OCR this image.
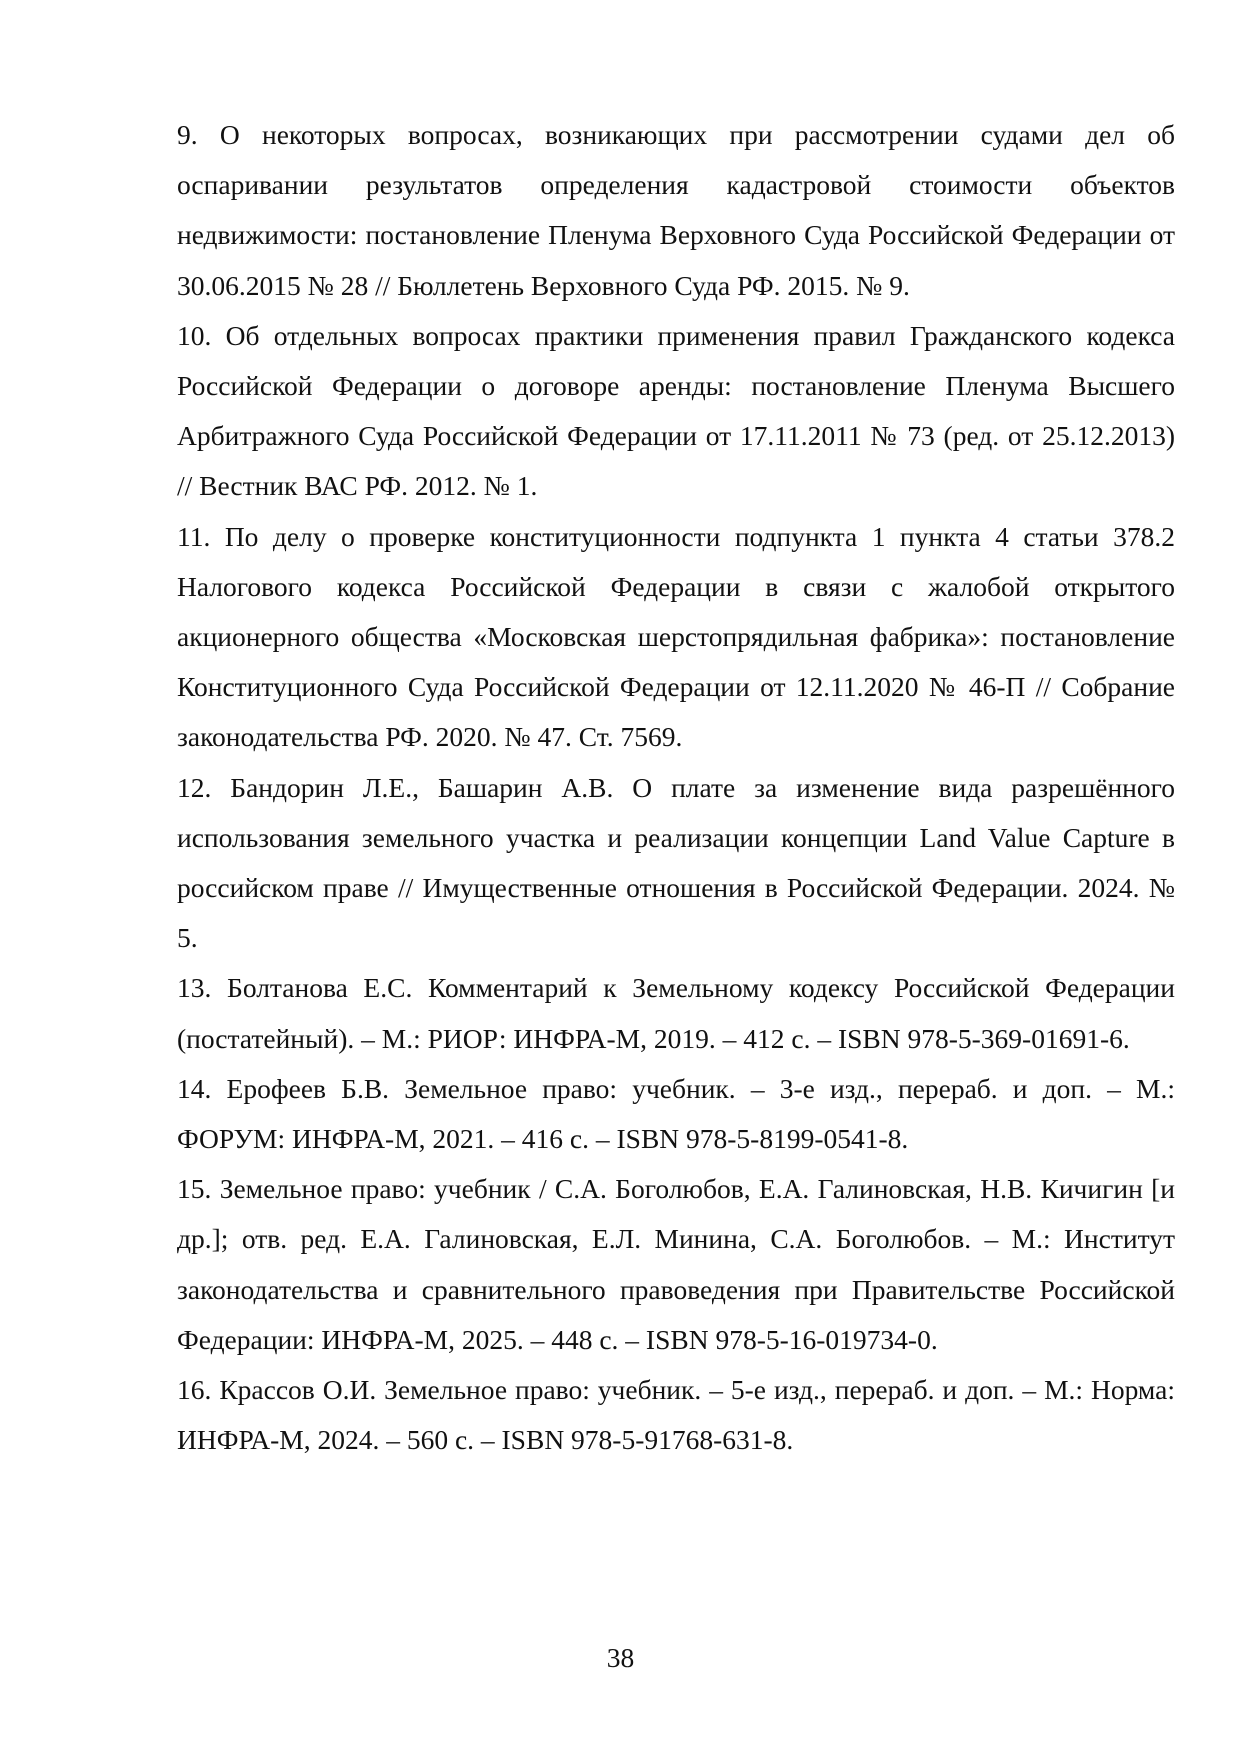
9. О некоторых вопросах, возникающих при рассмотрении судами дел об оспаривании результатов определения кадастровой стоимости объектов недвижимости: постановление Пленума Верховного Суда Российской Федерации от 30.06.2015 № 28 // Бюллетень Верховного Суда РФ. 2015. № 9.
10. Об отдельных вопросах практики применения правил Гражданского кодекса Российской Федерации о договоре аренды: постановление Пленума Высшего Арбитражного Суда Российской Федерации от 17.11.2011 № 73 (ред. от 25.12.2013) // Вестник ВАС РФ. 2012. № 1.
11. По делу о проверке конституционности подпункта 1 пункта 4 статьи 378.2 Налогового кодекса Российской Федерации в связи с жалобой открытого акционерного общества «Московская шерстопрядильная фабрика»: постановление Конституционного Суда Российской Федерации от 12.11.2020 № 46-П // Собрание законодательства РФ. 2020. № 47. Ст. 7569.
12. Бандорин Л.Е., Башарин А.В. О плате за изменение вида разрешённого использования земельного участка и реализации концепции Land Value Capture в российском праве // Имущественные отношения в Российской Федерации. 2024. № 5.
13. Болтанова Е.С. Комментарий к Земельному кодексу Российской Федерации (постатейный). – М.: РИОР: ИНФРА-М, 2019. – 412 с. – ISBN 978-5-369-01691-6.
14. Ерофеев Б.В. Земельное право: учебник. – 3-е изд., перераб. и доп. – М.: ФОРУМ: ИНФРА-М, 2021. – 416 с. – ISBN 978-5-8199-0541-8.
15. Земельное право: учебник / С.А. Боголюбов, Е.А. Галиновская, Н.В. Кичигин [и др.]; отв. ред. Е.А. Галиновская, Е.Л. Минина, С.А. Боголюбов. – М.: Институт законодательства и сравнительного правоведения при Правительстве Российской Федерации: ИНФРА-М, 2025. – 448 с. – ISBN 978-5-16-019734-0.
16. Крассов О.И. Земельное право: учебник. – 5-е изд., перераб. и доп. – М.: Норма: ИНФРА-М, 2024. – 560 с. – ISBN 978-5-91768-631-8.
38
